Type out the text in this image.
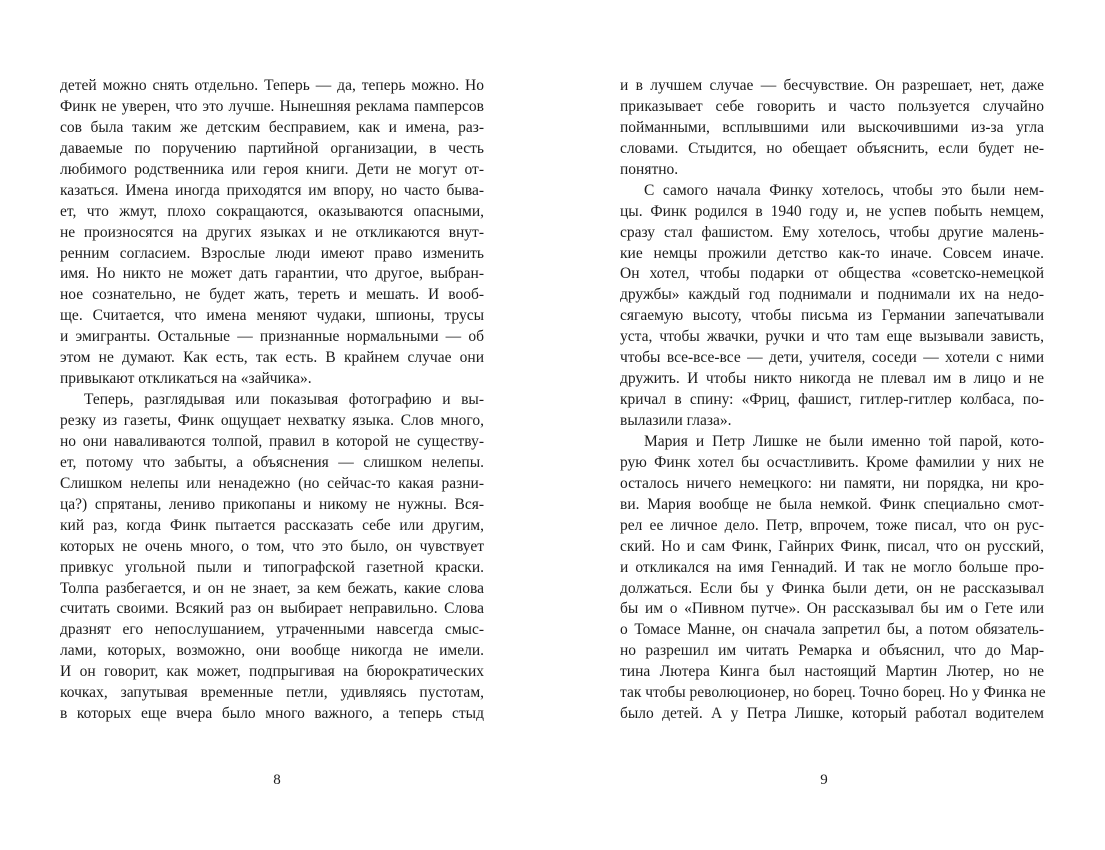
детей можно снять отдельно. Теперь — да, теперь можно. Но
Финк не уверен, что это лучше. Нынешняя реклама памперсов
сов была таким же детским бесправием, как и имена, раз-
даваемые по поручению партийной организации, в честь
любимого родственника или героя книги. Дети не могут от-
казаться. Имена иногда приходятся им впору, но часто быва-
ет, что жмут, плохо сокращаются, оказываются опасными,
не произносятся на других языках и не откликаются внут-
ренним согласием. Взрослые люди имеют право изменить
имя. Но никто не может дать гарантии, что другое, выбран-
ное сознательно, не будет жать, тереть и мешать. И вооб-
ще. Считается, что имена меняют чудаки, шпионы, трусы
и эмигранты. Остальные — признанные нормальными — об
этом не думают. Как есть, так есть. В крайнем случае они
привыкают откликаться на «зайчика».
Теперь, разглядывая или показывая фотографию и вы-
резку из газеты, Финк ощущает нехватку языка. Слов много,
но они наваливаются толпой, правил в которой не существу-
ет, потому что забыты, а объяснения — слишком нелепы.
Слишком нелепы или ненадежно (но сейчас-то какая разни-
ца?) спрятаны, лениво прикопаны и никому не нужны. Вся-
кий раз, когда Финк пытается рассказать себе или другим,
которых не очень много, о том, что это было, он чувствует
привкус угольной пыли и типографской газетной краски.
Толпа разбегается, и он не знает, за кем бежать, какие слова
считать своими. Всякий раз он выбирает неправильно. Слова
дразнят его непослушанием, утраченными навсегда смыс-
лами, которых, возможно, они вообще никогда не имели.
И он говорит, как может, подпрыгивая на бюрократических
кочках, запутывая временные петли, удивляясь пустотам,
в которых еще вчера было много важного, а теперь стыд
и в лучшем случае — бесчувствие. Он разрешает, нет, даже
приказывает себе говорить и часто пользуется случайно
пойманными, всплывшими или выскочившими из-за угла
словами. Стыдится, но обещает объяснить, если будет не-
понятно.
С самого начала Финку хотелось, чтобы это были нем-
цы. Финк родился в 1940 году и, не успев побыть немцем,
сразу стал фашистом. Ему хотелось, чтобы другие малень-
кие немцы прожили детство как-то иначе. Совсем иначе.
Он хотел, чтобы подарки от общества «советско-немецкой
дружбы» каждый год поднимали и поднимали их на недо-
сягаемую высоту, чтобы письма из Германии запечатывали
уста, чтобы жвачки, ручки и что там еще вызывали зависть,
чтобы все-все-все — дети, учителя, соседи — хотели с ними
дружить. И чтобы никто никогда не плевал им в лицо и не
кричал в спину: «Фриц, фашист, гитлер-гитлер колбаса, по-
вылазили глаза».
Мария и Петр Лишке не были именно той парой, кото-
рую Финк хотел бы осчастливить. Кроме фамилии у них не
осталось ничего немецкого: ни памяти, ни порядка, ни кро-
ви. Мария вообще не была немкой. Финк специально смот-
рел ее личное дело. Петр, впрочем, тоже писал, что он рус-
ский. Но и сам Финк, Гайнрих Финк, писал, что он русский,
и откликался на имя Геннадий. И так не могло больше про-
должаться. Если бы у Финка были дети, он не рассказывал
бы им о «Пивном путче». Он рассказывал бы им о Гете или
о Томасе Манне, он сначала запретил бы, а потом обязатель-
но разрешил им читать Ремарка и объяснил, что до Мар-
тина Лютера Кинга был настоящий Мартин Лютер, но не
так чтобы революционер, но борец. Точно борец. Но у Финка не
было детей. А у Петра Лишке, который работал водителем
8	9
